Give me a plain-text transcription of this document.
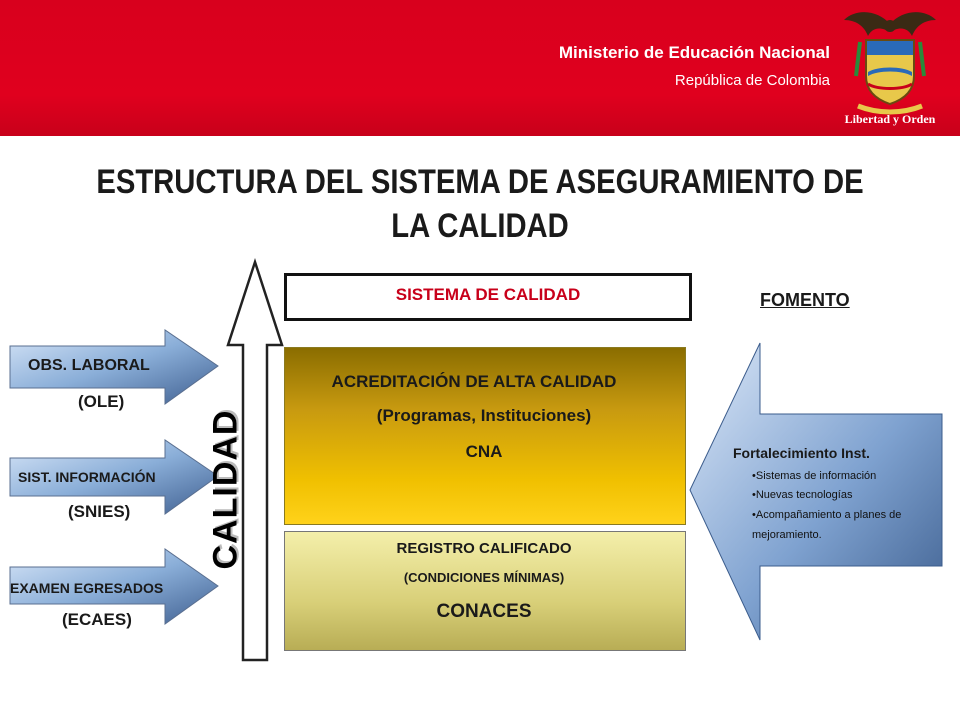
Ministerio de Educación Nacional
República de Colombia
Libertad y Orden
ESTRUCTURA DEL SISTEMA DE ASEGURAMIENTO DE LA CALIDAD
SISTEMA DE CALIDAD	FOMENTO
ACREDITACIÓN DE ALTA CALIDAD
(Programas, Instituciones)
CNA
REGISTRO CALIFICADO
(CONDICIONES MÍNIMAS)
CONACES
CALIDAD
OBS. LABORAL
(OLE)
SIST. INFORMACIÓN
(SNIES)
EXAMEN EGRESADOS
(ECAES)
Fortalecimiento Inst.
•Sistemas de información
•Nuevas tecnologías
•Acompañamiento a planes de
mejoramiento.
